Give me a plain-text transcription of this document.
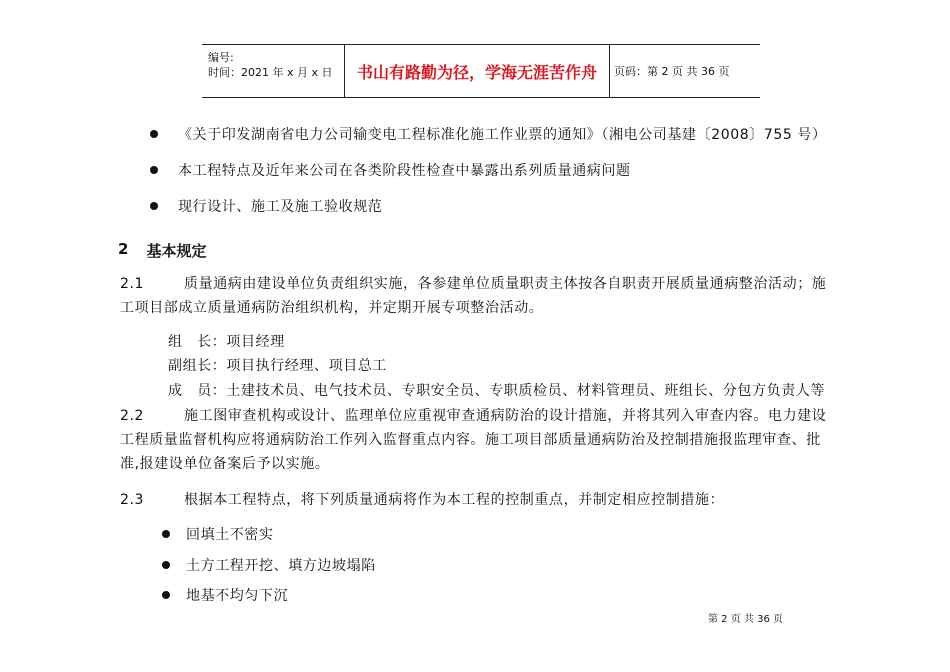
编号:
时间：2021 年 x 月 x 日	书山有路勤为径，学海无涯苦作舟	页码：第 2 页 共 36 页
《关于印发湖南省电力公司输变电工程标准化施工作业票的通知》（湘电公司基建〔2008〕755 号）
本工程特点及近年来公司在各类阶段性检查中暴露出系列质量通病问题
现行设计、施工及施工验收规范
2 基本规定
2.1	质量通病由建设单位负责组织实施，各参建单位质量职责主体按各自职责开展质量通病整治活动；施
工项目部成立质量通病防治组织机构，并定期开展专项整治活动。
组　长：项目经理
副组长：项目执行经理、项目总工
成　员：土建技术员、电气技术员、专职安全员、专职质检员、材料管理员、班组长、分包方负责人等
2.2	施工图审查机构或设计、监理单位应重视审查通病防治的设计措施，并将其列入审查内容。电力建设
工程质量监督机构应将通病防治工作列入监督重点内容。施工项目部质量通病防治及控制措施报监理审查、批
准,报建设单位备案后予以实施。
2.3	根据本工程特点，将下列质量通病将作为本工程的控制重点，并制定相应控制措施：
回填土不密实
土方工程开挖、填方边坡塌陷
地基不均匀下沉
第 2 页 共 36 页
